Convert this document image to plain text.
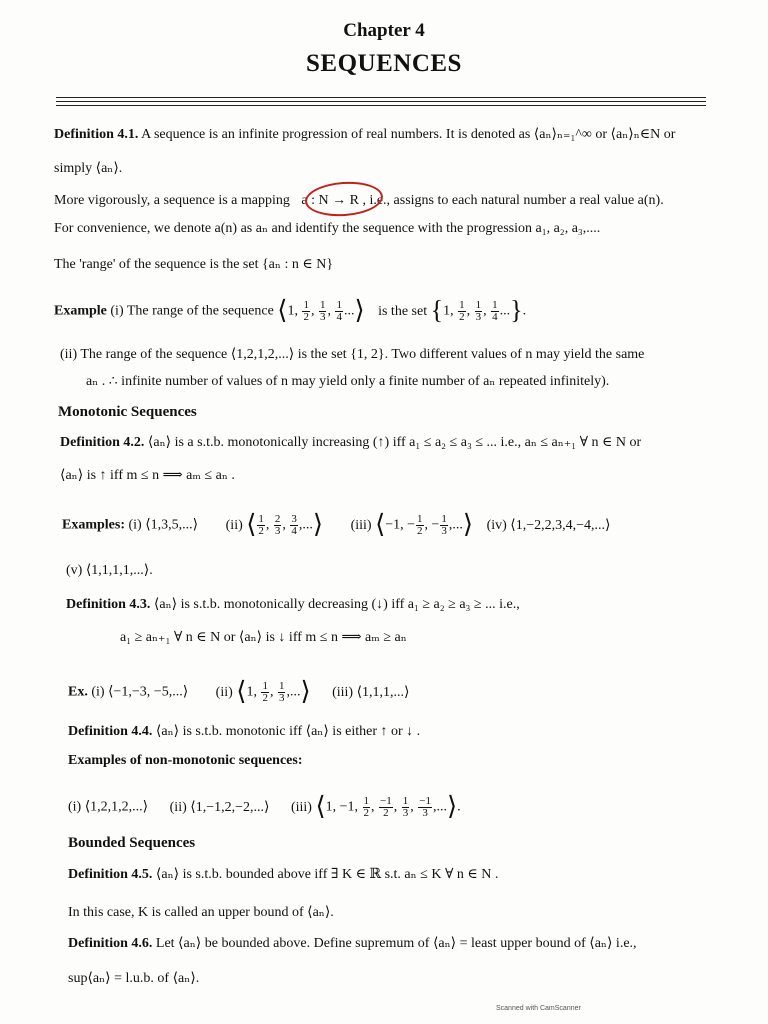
Chapter 4
SEQUENCES
Definition 4.1. A sequence is an infinite progression of real numbers. It is denoted as ⟨aₙ⟩ₙ₌₁^∞ or ⟨aₙ⟩ₙ∈N or
simply ⟨aₙ⟩.
More vigorously, a sequence is a mapping a : N → R , i.e., assigns to each natural number a real value a(n).
For convenience, we denote a(n) as aₙ and identify the sequence with the progression a₁, a₂, a₃,....
The 'range' of the sequence is the set {aₙ : n ∈ N}
Example (i) The range of the sequence ⟨1, $\frac{1}{2}$ , $\frac{1}{3}$ , $\frac{1}{4}$ ...⟩ is the set {1, $\frac{1}{2}$ , $\frac{1}{3}$ , $\frac{1}{4}$ ...}.
(ii) The range of the sequence ⟨1,2,1,2,...⟩ is the set {1, 2}. Two different values of n may yield the same
aₙ . ∴ infinite number of values of n may yield only a finite number of aₙ repeated infinitely).
Monotonic Sequences
Definition 4.2. ⟨aₙ⟩ is a s.t.b. monotonically increasing (↑) iff a₁ ≤ a₂ ≤ a₃ ≤ ... i.e., aₙ ≤ aₙ₊₁ ∀ n ∈ N or
⟨aₙ⟩ is ↑ iff m ≤ n ⟹ aₘ ≤ aₙ .
Examples: (i) ⟨1,3,5,...⟩ (ii) ⟨ $\frac{1}{2}$ , $\frac{2}{3}$ , $\frac{3}{4}$ ,...⟩ (iii) ⟨−1, − $\frac{1}{2}$ , − $\frac{1}{3}$ ,...⟩ (iv) ⟨1,−2,2,3,4,−4,...⟩
(v) ⟨1,1,1,1,...⟩.
Definition 4.3. ⟨aₙ⟩ is s.t.b. monotonically decreasing (↓) iff a₁ ≥ a₂ ≥ a₃ ≥ ... i.e.,
a₁ ≥ aₙ₊₁ ∀ n ∈ N or ⟨aₙ⟩ is ↓ iff m ≤ n ⟹ aₘ ≥ aₙ
Ex. (i) ⟨−1,−3, −5,...⟩ (ii) ⟨1, $\frac{1}{2}$ , $\frac{1}{3}$ ,...⟩ (iii) ⟨1,1,1,...⟩
Definition 4.4. ⟨aₙ⟩ is s.t.b. monotonic iff ⟨aₙ⟩ is either ↑ or ↓ .
Examples of non-monotonic sequences:
(i) ⟨1,2,1,2,...⟩ (ii) ⟨1,−1,2,−2,...⟩ (iii) ⟨1, −1, $\frac{1}{2}$ , $\frac{-1}{2}$ , $\frac{1}{3}$ , $\frac{-1}{3}$ ,...⟩.
Bounded Sequences
Definition 4.5. ⟨aₙ⟩ is s.t.b. bounded above iff ∃ K ∈ ℝ s.t. aₙ ≤ K ∀ n ∈ N .
In this case, K is called an upper bound of ⟨aₙ⟩.
Definition 4.6. Let ⟨aₙ⟩ be bounded above. Define supremum of ⟨aₙ⟩ = least upper bound of ⟨aₙ⟩ i.e.,
sup⟨aₙ⟩ = l.u.b. of ⟨aₙ⟩.
Scanned with CamScanner
